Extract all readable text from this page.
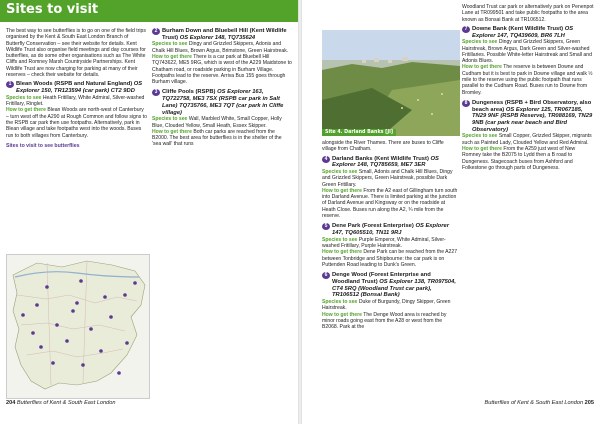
Sites to visit

The best way to see butterflies is to go on one of the field trips organised by the Kent & South East London Branch of Butterfly Conservation – see their website for details. Kent Wildlife Trust also organise field meetings and day courses for butterflies, as do some other organisations such as The White Cliffs and Romney Marsh Countryside Partnerships. Kent Wildlife Trust are now charging for parking at many of their reserves – check their website for details.

1 Blean Woods (RSPB and Natural England) OS Explorer 150, TR123594 (car park) CT2 9DD
Species to see Heath Fritillary, White Admiral, Silver-washed Fritillary, Ringlet.
How to get there Blean Woods are north-west of Canterbury – turn west off the A290 at Rough Common and follow signs to the RSPB car park then use footpaths. Alternatively, park in Blean village and take footpaths west into the woods. Buses run to both villages from Canterbury.
Sites to visit to see butterflies
2 Burham Down and Bluebell Hill (Kent Wildlife Trust) OS Explorer 148, TQ735624
Species to see Dingy and Grizzled Skippers, Adonis and Chalk Hill Blues, Brown Argus, Brimstone, Green Hairstreak.
How to get there There is a car park at Bluebell Hill TQ743622, ME5 9RG, which is west of the A229 Maidstone to Chatham road, or roadside parking in Burham Village. Footpaths lead to the reserve. Arriva Bus 155 goes through Burham village.
3 Cliffe Pools (RSPB) OS Explorer 163, TQ722758, ME3 7SX (RSPB car park in Salt Lane) TQ735766, ME3 7QT (car park in Cliffe village)
Species to see Wall, Marbled White, Small Copper, Holly Blue, Clouded Yellow, Small Heath, Essex Skipper.
How to get there Both car parks are reached from the B2000. The best area for butterflies is in the shelter of the 'sea wall' that runs
204 Butterflies of Kent & South East London
Site 4. Darland Banks [JI]

alongside the River Thames. There are buses to Cliffe village from Chatham.

4 Darland Banks (Kent Wildlife Trust) OS Explorer 148, TQ785659, ME7 3ER
Species to see Small, Adonis and Chalk Hill Blues, Dingy and Grizzled Skippers, Green Hairstreak, possible Dark Green Fritillary.
How to get there From the A2 east of Gillingham turn south into Darland Avenue. There is limited parking at the junction of Darland Avenue and Kingsway or on the roadside at Heath Close. Buses run along the A2, ¾ mile from the reserve.
5 Dene Park (Forest Enterprise) OS Explorer 147, TQ605510, TN11 9RJ
Species to see Purple Emperor, White Admiral, Silver-washed Fritillary, Purple Hairstreak.
How to get there Dene Park can be reached from the A227 between Tonbridge and Shipbourne: the car park is on Puttenden Road leading to Dunk's Green.
6 Denge Wood (Forest Enterprise and Woodland Trust) OS Explorer 138, TR097504, CT4 5RQ (Woodland Trust car park), TR106512 (Bonsai Bank)
Species to see Duke of Burgundy, Dingy Skipper, Green Hairstreak.
How to get there The Denge Wood area is reached by minor roads going east from the A28 or west from the B2068. Park at the

Woodland Trust car park or alternatively park on Penenpot Lane at TR099501 and take public footpaths to the area known as Bonsai Bank at TR106512.

7 Downe Bank (Kent Wildlife Trust) OS Explorer 147, TQ439609, BR6 7LH
Species to see Dingy and Grizzled Skippers, Green Hairstreak, Brown Argus, Dark Green and Silver-washed Fritillaries. Possible White-letter Hairstreak and Small and Adonis Blues.
How to get there The reserve is between Downe and Cudham but it is best to park in Downe village and walk ½ mile to the reserve using the public footpath that runs parallel to the Cudham Road. Buses run to Downe from Bromley.
8 Dungeness (RSPB + Bird Observatory, also beach area) OS Explorer 125, TR067185, TN29 9NF (RSPB Reserve), TR088169, TN29 9NB (car park near beach and Bird Observatory)
Species to see Small Copper, Grizzled Skipper, migrants such as Painted Lady, Clouded Yellow and Red Admiral.
How to get there From the A259 just west of New Romney take the B2075 to Lydd then a B road to Dungeness. Stagecoach buses from Ashford and Folkestone go through parts of Dungeness.
Butterflies of Kent & South East London 205
